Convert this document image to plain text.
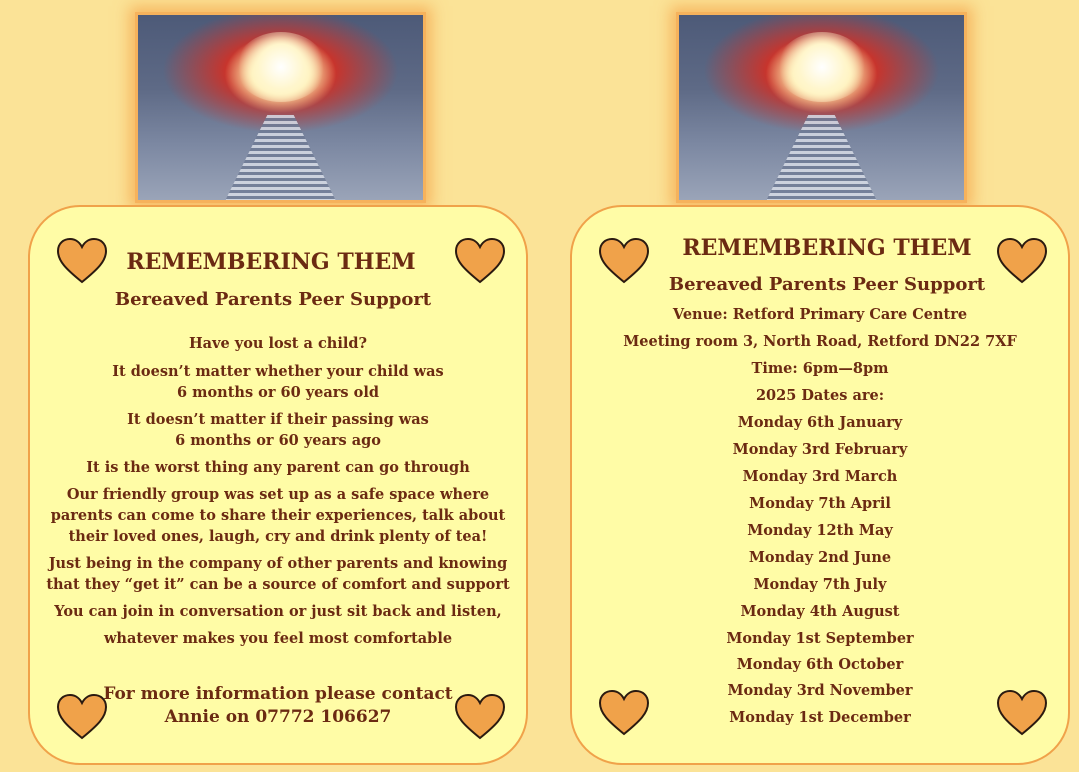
REMEMBERING THEM
Bereaved Parents Peer Support
Have you lost a child?
It doesn’t matter whether your child was
6 months or 60 years old
It doesn’t matter if their passing was
6 months or 60 years ago
It is the worst thing any parent can go through
Our friendly group was set up as a safe space where
parents can come to share their experiences, talk about
their loved ones, laugh, cry and drink plenty of tea!
Just being in the company of other parents and knowing
that they “get it” can be a source of comfort and support
You can join in conversation or just sit back and listen,
whatever makes you feel most comfortable
For more information please contact
Annie on 07772 106627
REMEMBERING THEM
Bereaved Parents Peer Support
Venue: Retford Primary Care Centre
Meeting room 3, North Road, Retford DN22 7XF
Time: 6pm—8pm
2025 Dates are:
Monday 6th January
Monday 3rd February
Monday 3rd March
Monday 7th April
Monday 12th May
Monday 2nd June
Monday 7th July
Monday 4th August
Monday 1st September
Monday 6th October
Monday 3rd November
Monday 1st December
